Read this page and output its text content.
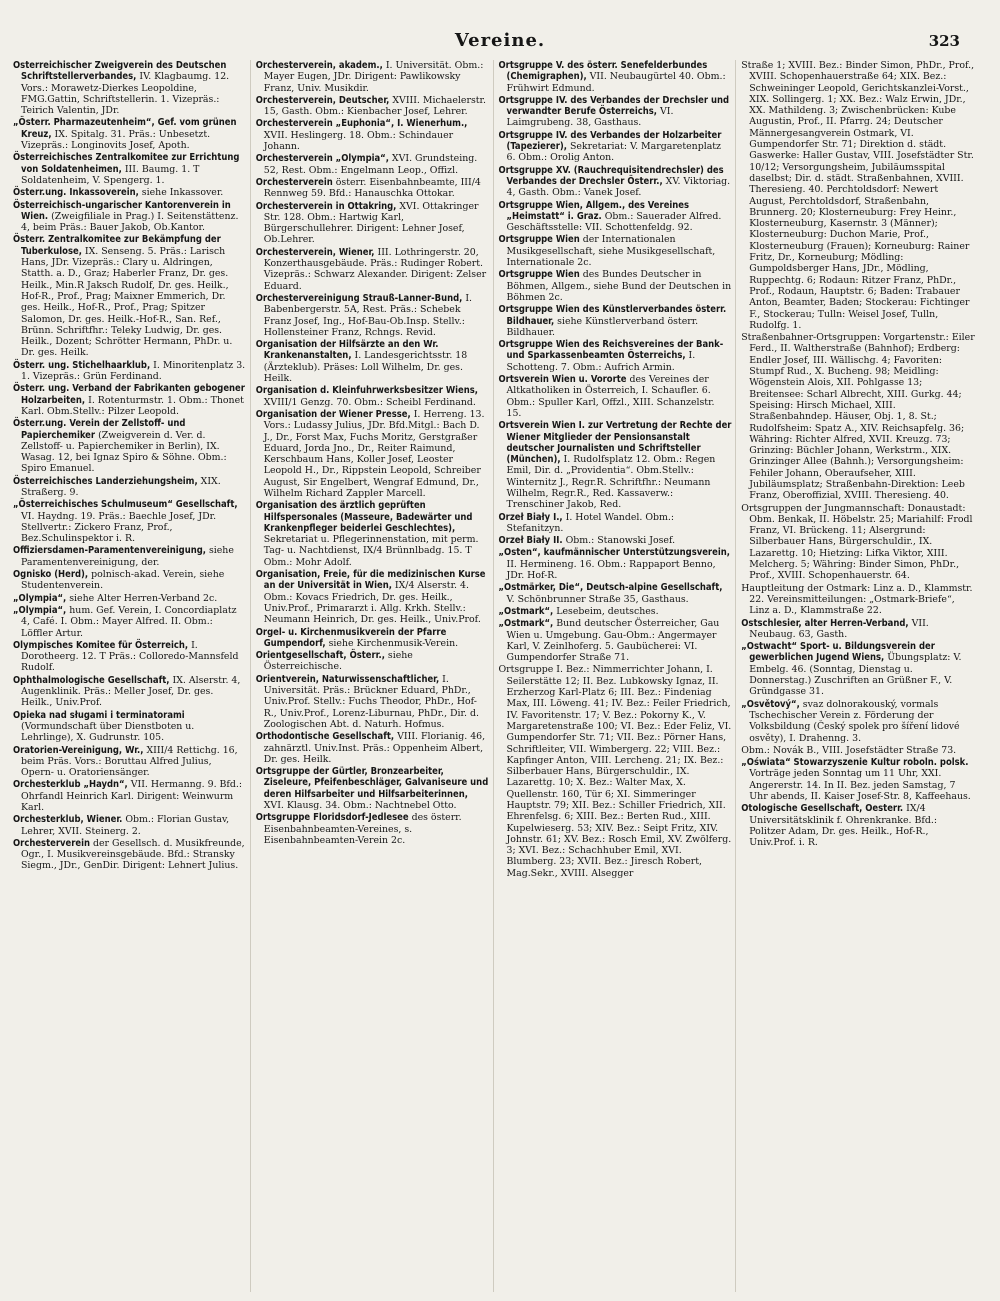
Vereine.	323

Österreichischer Zweigverein des Deutschen Schriftstellerverbandes, IV. Klagbaumg. 12. Vors.: Morawetz-Dierkes Leopoldine, FMG.Gattin, Schriftstellerin. 1. Vizepräs.: Teirich Valentin, JDr.

„Österr. Pharmazeutenheim“, Gef. vom grünen Kreuz, IX. Spitalg. 31. Präs.: Unbesetzt. Vizepräs.: Longinovits Josef, Apoth.

Österreichisches Zentralkomitee zur Errichtung von Soldatenheimen, III. Baumg. 1. T Soldatenheim, V. Spengerg. 1.

Österr.ung. Inkassoverein, siehe Inkassover.

Österreichisch-ungarischer Kantorenverein in Wien. (Zweigfiliale in Prag.) I. Seitenstättenz. 4, beim Präs.: Bauer Jakob, Ob.Kantor.

Österr. Zentralkomitee zur Bekämpfung der Tuberkulose, IX. Senseng. 5. Präs.: Larisch Hans, JDr. Vizepräs.: Clary u. Aldringen, Statth. a. D., Graz; Haberler Franz, Dr. ges. Heilk., Min.R Jaksch Rudolf, Dr. ges. Heilk., Hof-R., Prof., Prag; Maixner Emmerich, Dr. ges. Heilk., Hof-R., Prof., Prag; Spitzer Salomon, Dr. ges. Heilk.-Hof-R., San. Ref., Brünn. Schriftfhr.: Teleky Ludwig, Dr. ges. Heilk., Dozent; Schrötter Hermann, PhDr. u. Dr. ges. Heilk.

Österr. ung. Stichelhaarklub, I. Minoritenplatz 3. 1. Vizepräs.: Grün Ferdinand.

Österr. ung. Verband der Fabrikanten gebogener Holzarbeiten, I. Rotenturmstr. 1. Obm.: Thonet Karl. Obm.Stellv.: Pilzer Leopold.

Österr.ung. Verein der Zellstoff- und Papierchemiker (Zweigverein d. Ver. d. Zellstoff- u. Papierchemiker in Berlin), IX. Wasag. 12, bei Ignaz Spiro & Söhne. Obm.: Spiro Emanuel.

Österreichisches Landerziehungsheim, XIX. Straßerg. 9.

„Österreichisches Schulmuseum“ Gesellschaft, VI. Haydng. 19. Präs.: Baechle Josef, JDr. Stellvertr.: Zickero Franz, Prof., Bez.Schulinspektor i. R.

Offiziersdamen-Paramentenvereinigung, siehe Paramentenvereinigung, der.

Ognisko (Herd), polnisch-akad. Verein, siehe Studentenverein.

„Olympia“, siehe Alter Herren-Verband 2c.

„Olympia“, hum. Gef. Verein, I. Concordiaplatz 4, Café. I. Obm.: Mayer Alfred. II. Obm.: Löffler Artur.

Olympisches Komitee für Österreich, I. Dorotheerg. 12. T Präs.: Colloredo-Mannsfeld Rudolf.

Ophthalmologische Gesellschaft, IX. Alserstr. 4, Augenklinik. Präs.: Meller Josef, Dr. ges. Heilk., Univ.Prof.

Opieka nad sługami i terminatorami (Vormundschaft über Dienstboten u. Lehrlinge), X. Gudrunstr. 105.

Oratorien-Vereinigung, Wr., XIII/4 Rettichg. 16, beim Präs. Vors.: Boruttau Alfred Julius, Opern- u. Oratoriensänger.

Orchesterklub „Haydn“, VII. Hermanng. 9. Bfd.: Ohrfandl Heinrich Karl. Dirigent: Weinwurm Karl.

Orchesterklub, Wiener. Obm.: Florian Gustav, Lehrer, XVII. Steinerg. 2.

Orchesterverein der Gesellsch. d. Musikfreunde, Ogr., I. Musikvereinsgebäude. Bfd.: Stransky Siegm., JDr., GenDir. Dirigent: Lehnert Julius.

Orchesterverein, akadem., I. Universität. Obm.: Mayer Eugen, JDr. Dirigent: Pawlikowsky Franz, Univ. Musikdir.

Orchesterverein, Deutscher, XVIII. Michaelerstr. 15, Gasth. Obm.: Kienbacher Josef, Lehrer.

Orchesterverein „Euphonia“, I. Wienerhum., XVII. Heslingerg. 18. Obm.: Schindauer Johann.

Orchesterverein „Olympia“, XVI. Grundsteing. 52, Rest. Obm.: Engelmann Leop., Offizl.

Orchesterverein österr. Eisenbahnbeamte, III/4 Rennweg 59. Bfd.: Hanauschka Ottokar.

Orchesterverein in Ottakring, XVI. Ottakringer Str. 128. Obm.: Hartwig Karl, Bürgerschullehrer. Dirigent: Lehner Josef, Ob.Lehrer.

Orchesterverein, Wiener, III. Lothringerstr. 20, Konzerthausgebäude. Präs.: Rudinger Robert. Vizepräs.: Schwarz Alexander. Dirigent: Zelser Eduard.

Orchestervereinigung Strauß-Lanner-Bund, I. Babenbergerstr. 5A, Rest. Präs.: Schebek Franz Josef, Ing., Hof-Bau-Ob.Insp. Stellv.: Hollensteiner Franz, Rchngs. Revid.

Organisation der Hilfsärzte an den Wr. Krankenanstalten, I. Landesgerichtsstr. 18 (Ärzteklub). Präses: Loll Wilhelm, Dr. ges. Heilk.

Organisation d. Kleinfuhrwerksbesitzer Wiens, XVIII/1 Genzg. 70. Obm.: Scheibl Ferdinand.

Organisation der Wiener Presse, I. Herreng. 13. Vors.: Ludassy Julius, JDr. Bfd.Mitgl.: Bach D. J., Dr., Forst Max, Fuchs Moritz, Gerstgraßer Eduard, Jorda Jno., Dr., Reiter Raimund, Kerschbaum Hans, Koller Josef, Leoster Leopold H., Dr., Rippstein Leopold, Schreiber August, Sir Engelbert, Wengraf Edmund, Dr., Wilhelm Richard Zappler Marcell.

Organisation des ärztlich geprüften Hilfspersonales (Masseure, Badewärter und Krankenpfleger beiderlei Geschlechtes), Sekretariat u. Pflegerinnenstation, mit perm. Tag- u. Nachtdienst, IX/4 Brünnlbadg. 15. T Obm.: Mohr Adolf.

Organisation, Freie, für die medizinischen Kurse an der Universität in Wien, IX/4 Alserstr. 4. Obm.: Kovacs Friedrich, Dr. ges. Heilk., Univ.Prof., Primararzt i. Allg. Krkh. Stellv.: Neumann Heinrich, Dr. ges. Heilk., Univ.Prof.

Orgel- u. Kirchenmusikverein der Pfarre Gumpendorf, siehe Kirchenmusik-Verein.

Orientgesellschaft, Österr., siehe Österreichische.

Orientverein, Naturwissenschaftlicher, I. Universität. Präs.: Brückner Eduard, PhDr., Univ.Prof. Stellv.: Fuchs Theodor, PhDr., Hof-R., Univ.Prof., Lorenz-Liburnau, PhDr., Dir. d. Zoologischen Abt. d. Naturh. Hofmus.

Orthodontische Gesellschaft, VIII. Florianig. 46, zahnärztl. Univ.Inst. Präs.: Oppenheim Albert, Dr. ges. Heilk.

Ortsgruppe der Gürtler, Bronzearbeiter, Ziseleure, Pfeifenbeschläger, Galvaniseure und deren Hilfsarbeiter und Hilfsarbeiterinnen, XVI. Klausg. 34. Obm.: Nachtnebel Otto.

Ortsgruppe Floridsdorf-Jedlesee des österr. Eisenbahnbeamten-Vereines, s. Eisenbahnbeamten-Verein 2c.

Ortsgruppe V. des österr. Senefelderbundes (Chemigraphen), VII. Neubaugürtel 40. Obm.: Frühwirt Edmund.

Ortsgruppe IV. des Verbandes der Drechsler und verwandter Berufe Österreichs, VI. Laimgrubeng. 38, Gasthaus.

Ortsgruppe IV. des Verbandes der Holzarbeiter (Tapezierer), Sekretariat: V. Margaretenplatz 6. Obm.: Orolig Anton.

Ortsgruppe XV. (Rauchrequisitendrechsler) des Verbandes der Drechsler Österr., XV. Viktoriag. 4, Gasth. Obm.: Vanek Josef.

Ortsgruppe Wien, Allgem., des Vereines „Heimstatt“ i. Graz. Obm.: Sauerader Alfred. Geschäftsstelle: VII. Schottenfeldg. 92.

Ortsgruppe Wien der Internationalen Musikgesellschaft, siehe Musikgesellschaft, Internationale 2c.

Ortsgruppe Wien des Bundes Deutscher in Böhmen, Allgem., siehe Bund der Deutschen in Böhmen 2c.

Ortsgruppe Wien des Künstlerverbandes österr. Bildhauer, siehe Künstlerverband österr. Bildhauer.

Ortsgruppe Wien des Reichsvereines der Bank- und Sparkassenbeamten Österreichs, I. Schotteng. 7. Obm.: Aufrich Armin.

Ortsverein Wien u. Vororte des Vereines der Altkatholiken in Österreich, I. Schaufler. 6. Obm.: Spuller Karl, Offzl., XIII. Schanzelstr. 15.

Ortsverein Wien I. zur Vertretung der Rechte der Wiener Mitglieder der Pensionsanstalt deutscher Journalisten und Schriftsteller (München), I. Rudolfsplatz 12. Obm.: Regen Emil, Dir. d. „Providentia“. Obm.Stellv.: Winternitz J., Regr.R. Schriftfhr.: Neumann Wilhelm, Regr.R., Red. Kassaverw.: Trenschiner Jakob, Red.

Orzeł Biały I., I. Hotel Wandel. Obm.: Stefanitzyn.

Orzeł Biały II. Obm.: Stanowski Josef.

„Osten“, kaufmännischer Unterstützungsverein, II. Hermineng. 16. Obm.: Rappaport Benno, JDr. Hof-R.

„Ostmärker, Die“, Deutsch-alpine Gesellschaft, V. Schönbrunner Straße 35, Gasthaus.

„Ostmark“, Lesebeim, deutsches.

„Ostmark“, Bund deutscher Österreicher, Gau Wien u. Umgebung. Gau-Obm.: Angermayer Karl, V. Zeinlhoferg. 5. Gaubücherei: VI. Gumpendorfer Straße 71.

Ortsgruppe I. Bez.: Nimmerrichter Johann, I. Seilerstätte 12; II. Bez. Lubkowsky Ignaz, II. Erzherzog Karl-Platz 6; III. Bez.: Findeniag Max, III. Löweng. 41; IV. Bez.: Feiler Friedrich, IV. Favoritenstr. 17; V. Bez.: Pokorny K., V. Margaretenstraße 100; VI. Bez.: Eder Feliz, VI. Gumpendorfer Str. 71; VII. Bez.: Pörner Hans, Schriftleiter, VII. Wimbergerg. 22; VIII. Bez.: Kapfinger Anton, VIII. Lercheng. 21; IX. Bez.: Silberbauer Hans, Bürgerschuldir., IX. Lazarettg. 10; X. Bez.: Walter Max, X. Quellenstr. 160, Tür 6; XI. Simmeringer Hauptstr. 79; XII. Bez.: Schiller Friedrich, XII. Ehrenfelsg. 6; XIII. Bez.: Berten Rud., XIII. Kupelwieserg. 53; XIV. Bez.: Seipt Fritz, XIV. Johnstr. 61; XV. Bez.: Rosch Emil, XV. Zwölferg. 3; XVI. Bez.: Schachhuber Emil, XVI. Blumberg. 23; XVII. Bez.: Jiresch Robert, Mag.Sekr., XVIII. Alsegger

Straße 1; XVIII. Bez.: Binder Simon, PhDr., Prof., XVIII. Schopenhauerstraße 64; XIX. Bez.: Schweininger Leopold, Gerichtskanzlei-Vorst., XIX. Sollingerg. 1; XX. Bez.: Walz Erwin, JDr., XX. Mathildeng. 3; Zwischenbrücken: Kube Augustin, Prof., II. Pfarrg. 24; Deutscher Männergesangverein Ostmark, VI. Gumpendorfer Str. 71; Direktion d. städt. Gaswerke: Haller Gustav, VIII. Josefstädter Str. 10/12; Versorgungsheim, Jubiläumsspital daselbst; Dir. d. städt. Straßenbahnen, XVIII. Theresieng. 40. Perchtoldsdorf: Newert August, Perchtoldsdorf, Straßenbahn, Brunnerg. 20; Klosterneuburg: Frey Heinr., Klosterneuburg, Kasernstr. 3 (Männer); Klosterneuburg: Duchon Marie, Prof., Klosterneuburg (Frauen); Korneuburg: Rainer Fritz, Dr., Korneuburg; Mödling: Gumpoldsberger Hans, JDr., Mödling, Ruppechtg. 6; Rodaun: Ritzer Franz, PhDr., Prof., Rodaun, Hauptstr. 6; Baden: Trabauer Anton, Beamter, Baden; Stockerau: Fichtinger F., Stockerau; Tulln: Weisel Josef, Tulln, Rudolfg. 1.

Straßenbahner-Ortsgruppen: Vorgartenstr.: Eiler Ferd., II. Waltherstraße (Bahnhof); Erdberg: Endler Josef, III. Wällischg. 4; Favoriten: Stumpf Rud., X. Bucheng. 98; Meidling: Wögenstein Alois, XII. Pohlgasse 13; Breitensee: Scharl Albrecht, XIII. Gurkg. 44; Speising: Hirsch Michael, XIII. Straßenbahndep. Häuser, Obj. 1, 8. St.; Rudolfsheim: Spatz A., XIV. Reichsapfelg. 36; Währing: Richter Alfred, XVII. Kreuzg. 73; Grinzing: Büchler Johann, Werkstrm., XIX. Grinzinger Allee (Bahnh.); Versorgungsheim: Fehiler Johann, Oberaufseher, XIII. Jubiläumsplatz; Straßenbahn-Direktion: Leeb Franz, Oberoffizial, XVIII. Theresieng. 40.

Ortsgruppen der Jungmannschaft: Donaustadt: Obm. Benkak, II. Höbelstr. 25; Mariahilf: Frodl Franz, VI. Brückeng. 11; Alsergrund: Silberbauer Hans, Bürgerschuldir., IX. Lazarettg. 10; Hietzing: Lifka Viktor, XIII. Melcherg. 5; Währing: Binder Simon, PhDr., Prof., XVIII. Schopenhauerstr. 64.

Hauptleitung der Ostmark: Linz a. D., Klammstr. 22. Vereinsmitteilungen: „Ostmark-Briefe“, Linz a. D., Klammstraße 22.

Ostschlesier, alter Herren-Verband, VII. Neubaug. 63, Gasth.

„Ostwacht“ Sport- u. Bildungsverein der gewerblichen Jugend Wiens, Übungsplatz: V. Embelg. 46. (Sonntag, Dienstag u. Donnerstag.) Zuschriften an Grüßner F., V. Gründgasse 31.

„Osvětový“, svaz dolnorakouský, vormals Tschechischer Verein z. Förderung der Volksbildung (Český spolek pro šíření lidové osvěty), I. Drahenng. 3.

Obm.: Novák B., VIII. Josefstädter Straße 73.

„Oświata“ Stowarzyszenie Kultur roboln. polsk. Vorträge jeden Sonntag um 11 Uhr, XXI. Angererstr. 14. In II. Bez. jeden Samstag, 7 Uhr abends, II. Kaiser Josef-Str. 8, Kaffeehaus.

Otologische Gesellschaft, Oesterr. IX/4 Universitätsklinik f. Ohrenkranke. Bfd.: Politzer Adam, Dr. ges. Heilk., Hof-R., Univ.Prof. i. R.
